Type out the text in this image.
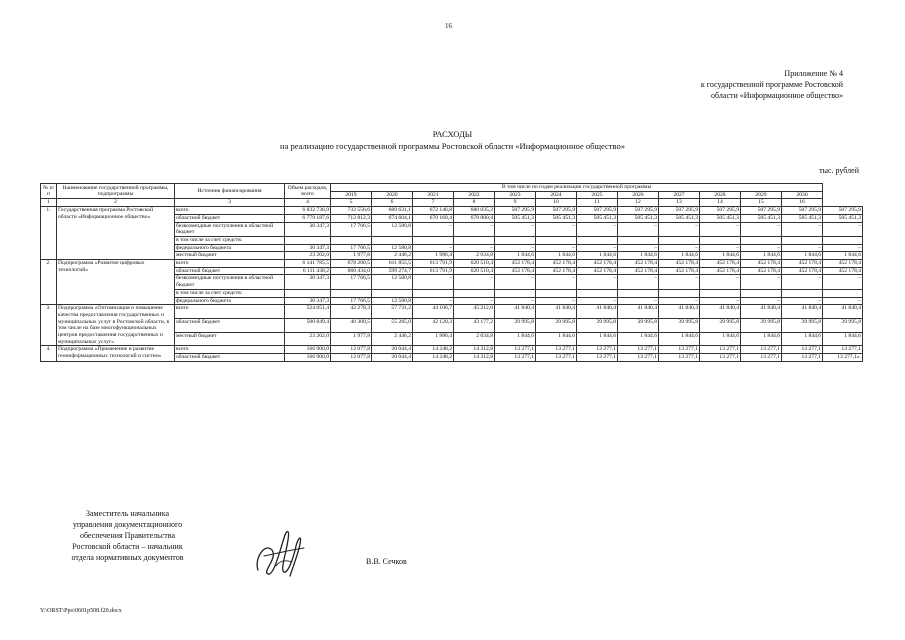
16
Приложение № 4
к государственной программе Ростовской
области «Информационное общество»
РАСХОДЫ
на реализацию государственной программы Ростовской области «Информационное общество»
тыс. рублей
№ п/п	Наименование государственной программы, подпрограммы	Источник финансирования	Объем расходов, всего	В том числе по годам реализации государственной программы												
				2019	2020	2021	2022	2023	2024	2025	2026	2027	2028	2029	2030	
1	2	3	4	5	6	7	8	9	10	11	12	13	14	15	16	
1.	Государственная программа Ростовской области «Информационное общество»	всего	6 832 736,9	732 556,6	689 631,1	672 146,8	680 035,2	507 295,9	507 295,9	507 295,9	507 295,9	507 295,9	507 295,9	507 295,9	507 295,9	507 295,9
		областной бюджет	6 779 187,6	712 812,3	674 604,1	670 160,4	678 000,4	505 451,3	505 451,3	505 451,3	505 451,3	505 451,3	505 451,3	505 451,3	505 451,3	505 451,3
		безвозмездные поступления в областной бюджет	30 347,3	17 766,5	12 580,8	–	–	–	–	–	–	–	–	–	–	–
		в том числе за счет средств:														
		федерального бюджета	30 347,3	17 766,5	12 580,8	–	–	–	–	–	–	–	–	–	–	–
		местный бюджет	23 202,0	1 977,8	2 446,2	1 986,4	2 034,8	1 844,6	1 844,6	1 844,6	1 844,6	1 844,6	1 844,6	1 844,6	1 844,6	1 844,6
2.	Подпрограмма «Развитие цифровых технологий»	всего	6 141 785,5	678 200,5	611 855,5	613 791,9	620 510,4	452 178,4	452 178,4	452 178,4	452 178,4	452 178,4	452 178,4	452 178,4	452 178,4	452 178,4
		областной бюджет	6 111 438,2	660 434,0	599 274,7	613 791,9	620 510,4	452 178,4	452 178,4	452 178,4	452 178,4	452 178,4	452 178,4	452 178,4	452 178,4	452 178,4
		безвозмездные поступления в областной бюджет	30 347,3	17 766,5	12 580,8	–	–	–	–	–	–	–	–	–	–	–
		в том числе за счет средств:														
		федерального бюджета	30 347,3	17 766,5	12 580,8	–	–	–	–	–	–	–	–	–	–	–
3.	Подпрограмма «Оптимизация и повышение качества предоставления государственных и муниципальных услуг в Ростовской области, в том числе на базе многофункциональных центров предоставления государственных и муниципальных услуг»	всего	524 051,4	42 278,3	57 731,2	44 106,7	45 212,0	41 840,4	41 840,4	41 840,4	41 840,4	41 840,4	41 840,4	41 840,4	41 840,4	41 840,4
		областной бюджет	500 849,4	40 300,5	55 285,0	42 120,3	43 177,2	39 995,8	39 995,8	39 995,8	39 995,8	39 995,8	39 995,8	39 995,8	39 995,8	39 995,8
		местный бюджет	23 202,0	1 977,8	2 446,2	1 986,4	2 034,8	1 844,6	1 844,6	1 844,6	1 844,6	1 844,6	1 844,6	1 844,6	1 844,6	1 844,6
4.	Подпрограмма «Применение и развитие геоинформационных технологий и систем»	всего	166 900,0	12 077,8	20 044,4	14 248,2	14 312,8	13 277,1	13 277,1	13 277,1	13 277,1	13 277,1	13 277,1	13 277,1	13 277,1	13 277,1
		областной бюджет	166 900,0	12 077,8	20 044,4	14 248,2	14 312,8	13 277,1	13 277,1	13 277,1	13 277,1	13 277,1	13 277,1	13 277,1	13 277,1	13 277,1».
Заместитель начальника
управления документационного
обеспечения Правительства
Ростовской области – начальник
отдела нормативных документов	В.В. Сечков
Y:\ORST\Ppo\0601p508.f20.docx
